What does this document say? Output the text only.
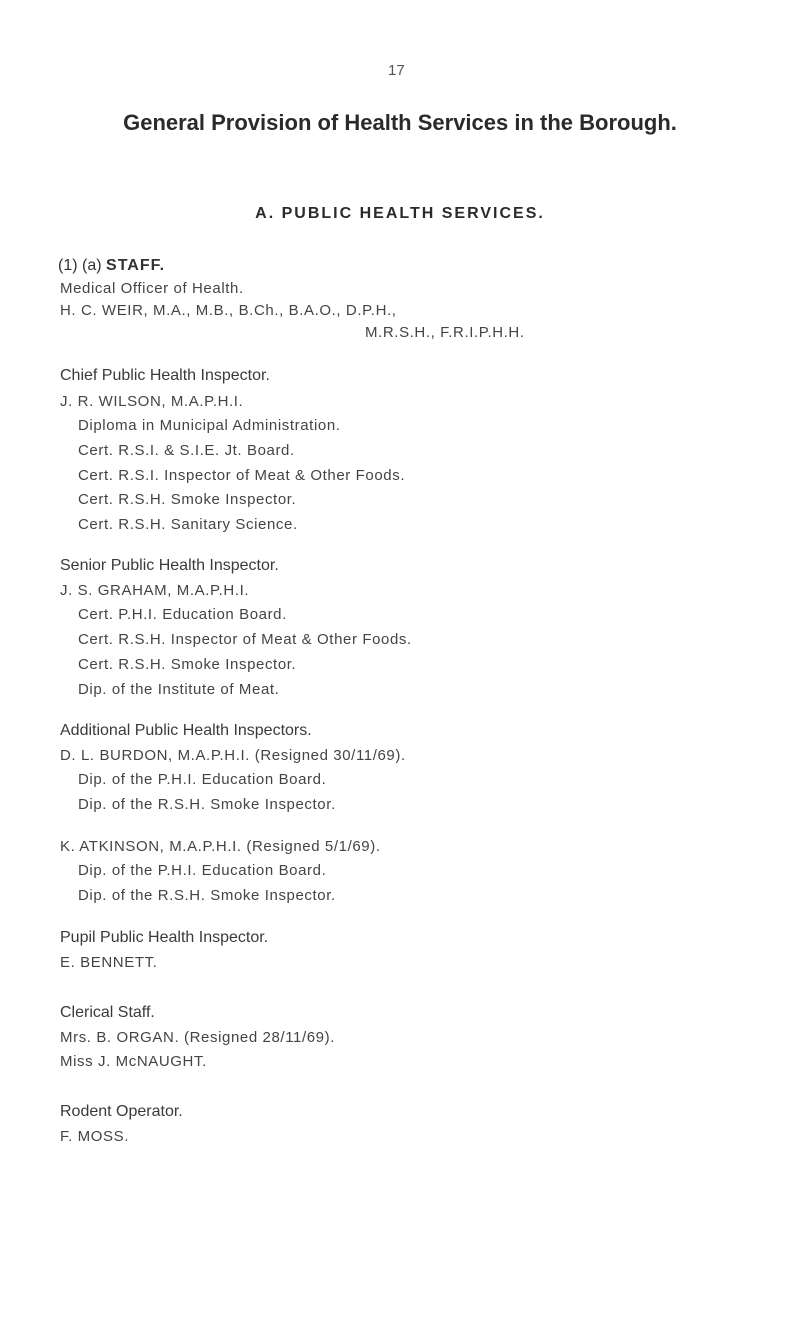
17
General Provision of Health Services in the Borough.
A. PUBLIC HEALTH SERVICES.
(1) (a) STAFF.
Medical Officer of Health.
H. C. WEIR, M.A., M.B., B.Ch., B.A.O., D.P.H.,
M.R.S.H., F.R.I.P.H.H.
Chief Public Health Inspector.
J. R. WILSON, M.A.P.H.I.
Diploma in Municipal Administration.
Cert. R.S.I. & S.I.E. Jt. Board.
Cert. R.S.I. Inspector of Meat & Other Foods.
Cert. R.S.H. Smoke Inspector.
Cert. R.S.H. Sanitary Science.
Senior Public Health Inspector.
J. S. GRAHAM, M.A.P.H.I.
Cert. P.H.I. Education Board.
Cert. R.S.H. Inspector of Meat & Other Foods.
Cert. R.S.H. Smoke Inspector.
Dip. of the Institute of Meat.
Additional Public Health Inspectors.
D. L. BURDON, M.A.P.H.I. (Resigned 30/11/69).
Dip. of the P.H.I. Education Board.
Dip. of the R.S.H. Smoke Inspector.
K. ATKINSON, M.A.P.H.I. (Resigned 5/1/69).
Dip. of the P.H.I. Education Board.
Dip. of the R.S.H. Smoke Inspector.
Pupil Public Health Inspector.
E. BENNETT.
Clerical Staff.
Mrs. B. ORGAN. (Resigned 28/11/69).
Miss J. McNAUGHT.
Rodent Operator.
F. MOSS.
